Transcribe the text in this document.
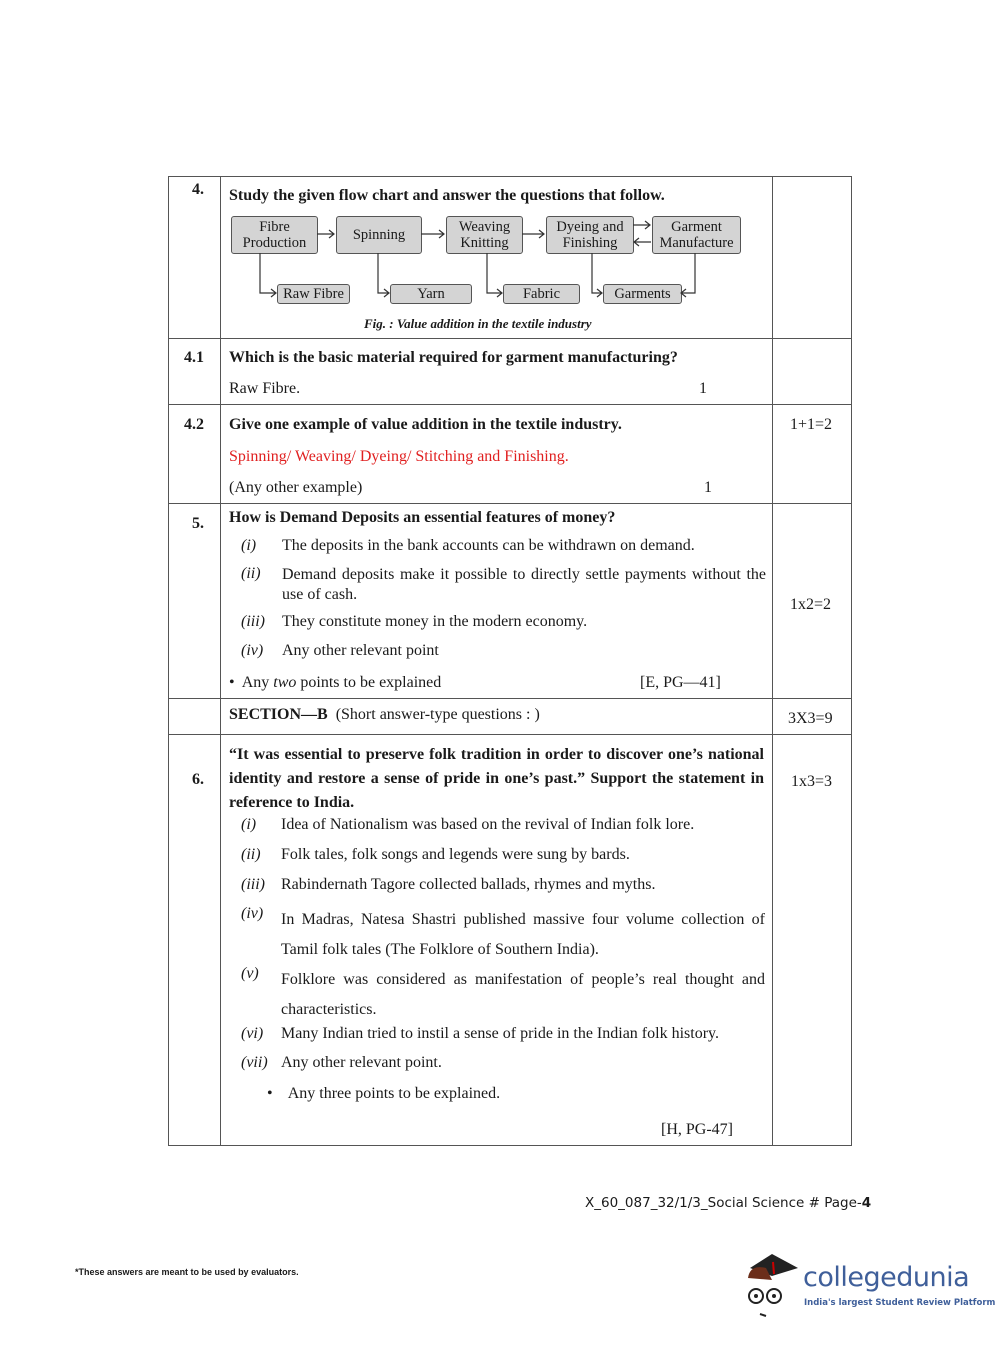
4. Study the given flow chart and answer the questions that follow.
Fibre Production	Spinning	Weaving Knitting
Dyeing and Finishing
Garment Manufacture
Raw Fibre	Yarn	Fabric	Garments
Fig. : Value addition in the textile industry
4.1 Which is the basic material required for garment manufacturing?
Raw Fibre.	1
4.2 Give one example of value addition in the textile industry.
Spinning/ Weaving/ Dyeing/ Stitching and Finishing.
(Any other example)	1
1+1=2
5. How is Demand Deposits an essential features of money?
(i) The deposits in the bank accounts can be withdrawn on demand.
(ii) Demand deposits make it possible to directly settle payments without the use of cash.
(iii) They constitute money in the modern economy.
(iv) Any other relevant point
•  Any two points to be explained	[E, PG—41]
1x2=2
SECTION—B (Short answer-type questions : )	3X3=9
6.
“It was essential to preserve folk tradition in order to discover one’s national identity and restore a sense of pride in one’s past.” Support the statement in reference to India.
1x3=3
(i) Idea of Nationalism was based on the revival of Indian folk lore.
(ii) Folk tales, folk songs and legends were sung by bards.
(iii) Rabindernath Tagore collected ballads, rhymes and myths.
(iv) In Madras, Natesa Shastri published massive four volume collection of Tamil folk tales (The Folklore of Southern India).
(v) Folklore was considered as manifestation of people’s real thought and characteristics.
(vi) Many Indian tried to instil a sense of pride in the Indian folk history.
(vii) Any other relevant point.
•    Any three points to be explained.
[H, PG-47]
X_60_087_32/1/3_Social Science # Page-4
*These answers are meant to be used by evaluators.	collegedunia
India's largest Student Review Platform
